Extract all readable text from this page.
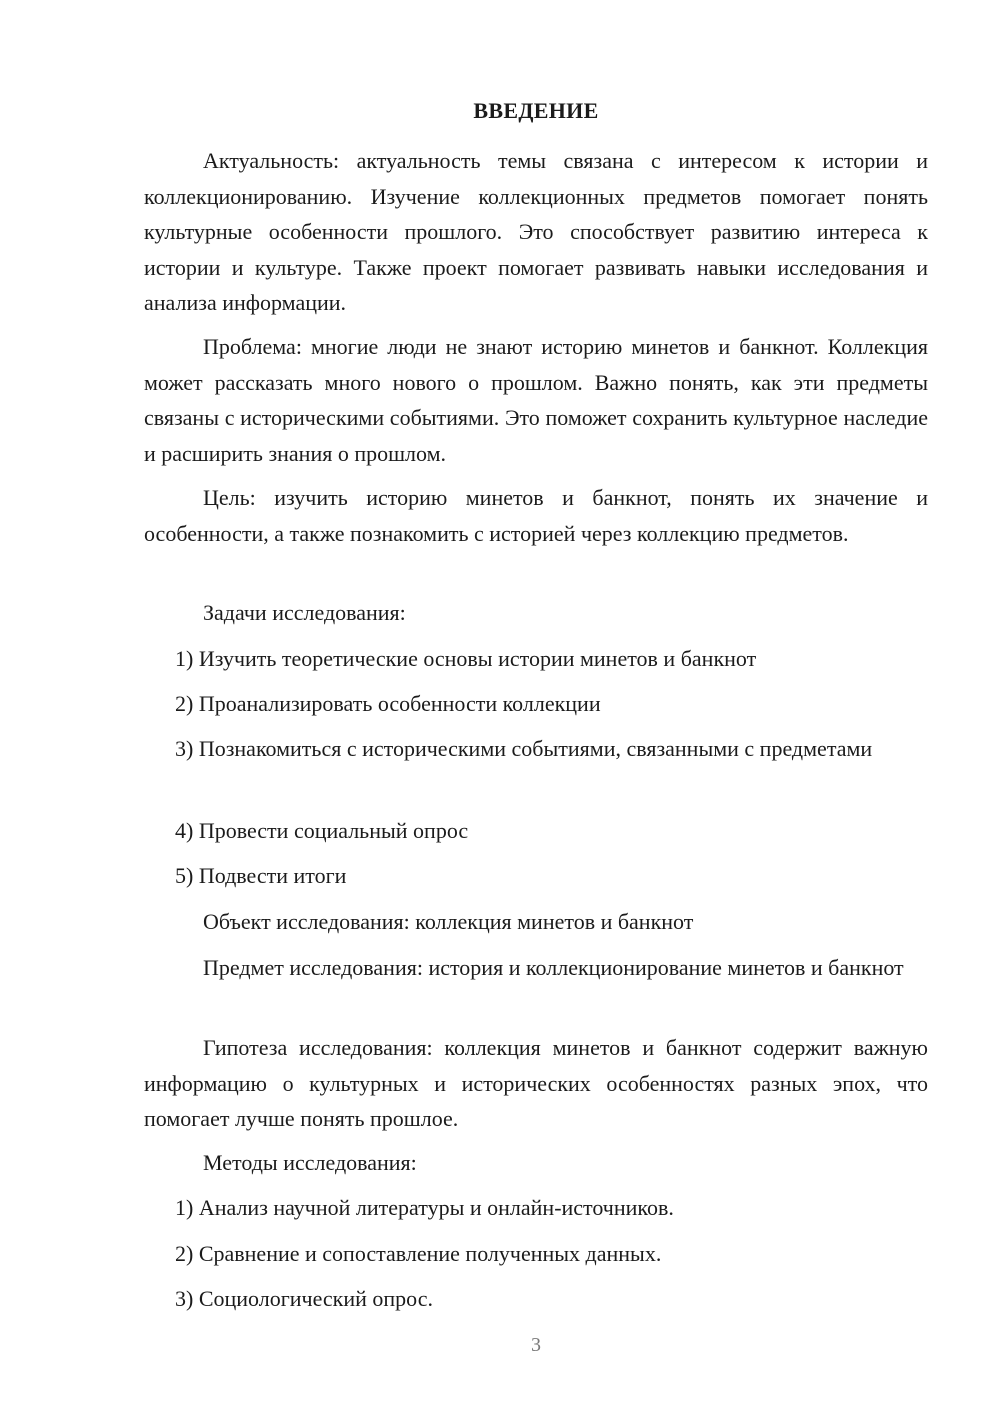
ВВЕДЕНИЕ

Актуальность: актуальность темы связана с интересом к истории и коллекционированию. Изучение коллекционных предметов помогает понять культурные особенности прошлого. Это способствует развитию интереса к истории и культуре. Также проект помогает развивать навыки исследования и анализа информации.

Проблема: многие люди не знают историю минетов и банкнот. Коллекция может рассказать много нового о прошлом. Важно понять, как эти предметы связаны с историческими событиями. Это поможет сохранить культурное наследие и расширить знания о прошлом.

Цель: изучить историю минетов и банкнот, понять их значение и особенности, а также познакомить с историей через коллекцию предметов.

Задачи исследования:

1) Изучить теоретические основы истории минетов и банкнот

2) Проанализировать особенности коллекции

3) Познакомиться с историческими событиями, связанными с предметами

4) Провести социальный опрос

5) Подвести итоги

Объект исследования: коллекция минетов и банкнот

Предмет исследования: история и коллекционирование минетов и банкнот

Гипотеза исследования: коллекция минетов и банкнот содержит важную информацию о культурных и исторических особенностях разных эпох, что помогает лучше понять прошлое.

Методы исследования:

1) Анализ научной литературы и онлайн-источников.

2) Сравнение и сопоставление полученных данных.

3) Социологический опрос.

3
